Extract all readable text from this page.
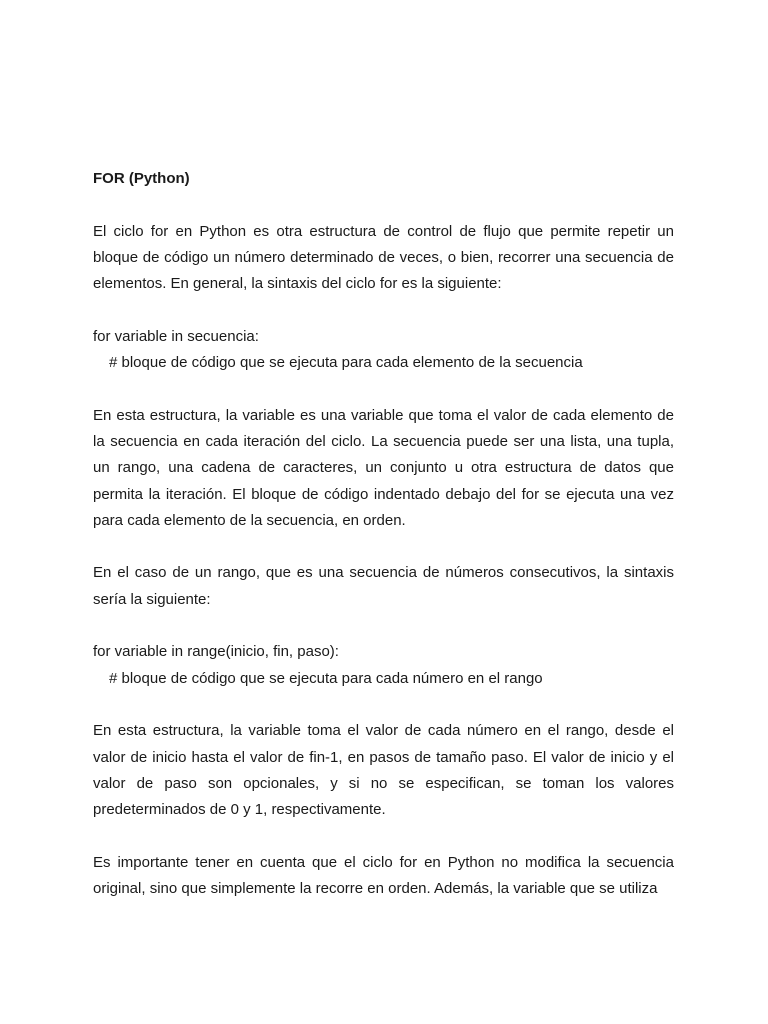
FOR (Python)

El ciclo for en Python es otra estructura de control de flujo que permite repetir un bloque de código un número determinado de veces, o bien, recorrer una secuencia de elementos. En general, la sintaxis del ciclo for es la siguiente:

for variable in secuencia:

# bloque de código que se ejecuta para cada elemento de la secuencia

En esta estructura, la variable es una variable que toma el valor de cada elemento de la secuencia en cada iteración del ciclo. La secuencia puede ser una lista, una tupla, un rango, una cadena de caracteres, un conjunto u otra estructura de datos que permita la iteración. El bloque de código indentado debajo del for se ejecuta una vez para cada elemento de la secuencia, en orden.

En el caso de un rango, que es una secuencia de números consecutivos, la sintaxis sería la siguiente:

for variable in range(inicio, fin, paso):

# bloque de código que se ejecuta para cada número en el rango

En esta estructura, la variable toma el valor de cada número en el rango, desde el valor de inicio hasta el valor de fin-1, en pasos de tamaño paso. El valor de inicio y el valor de paso son opcionales, y si no se especifican, se toman los valores predeterminados de 0 y 1, respectivamente.

Es importante tener en cuenta que el ciclo for en Python no modifica la secuencia original, sino que simplemente la recorre en orden. Además, la variable que se utiliza
